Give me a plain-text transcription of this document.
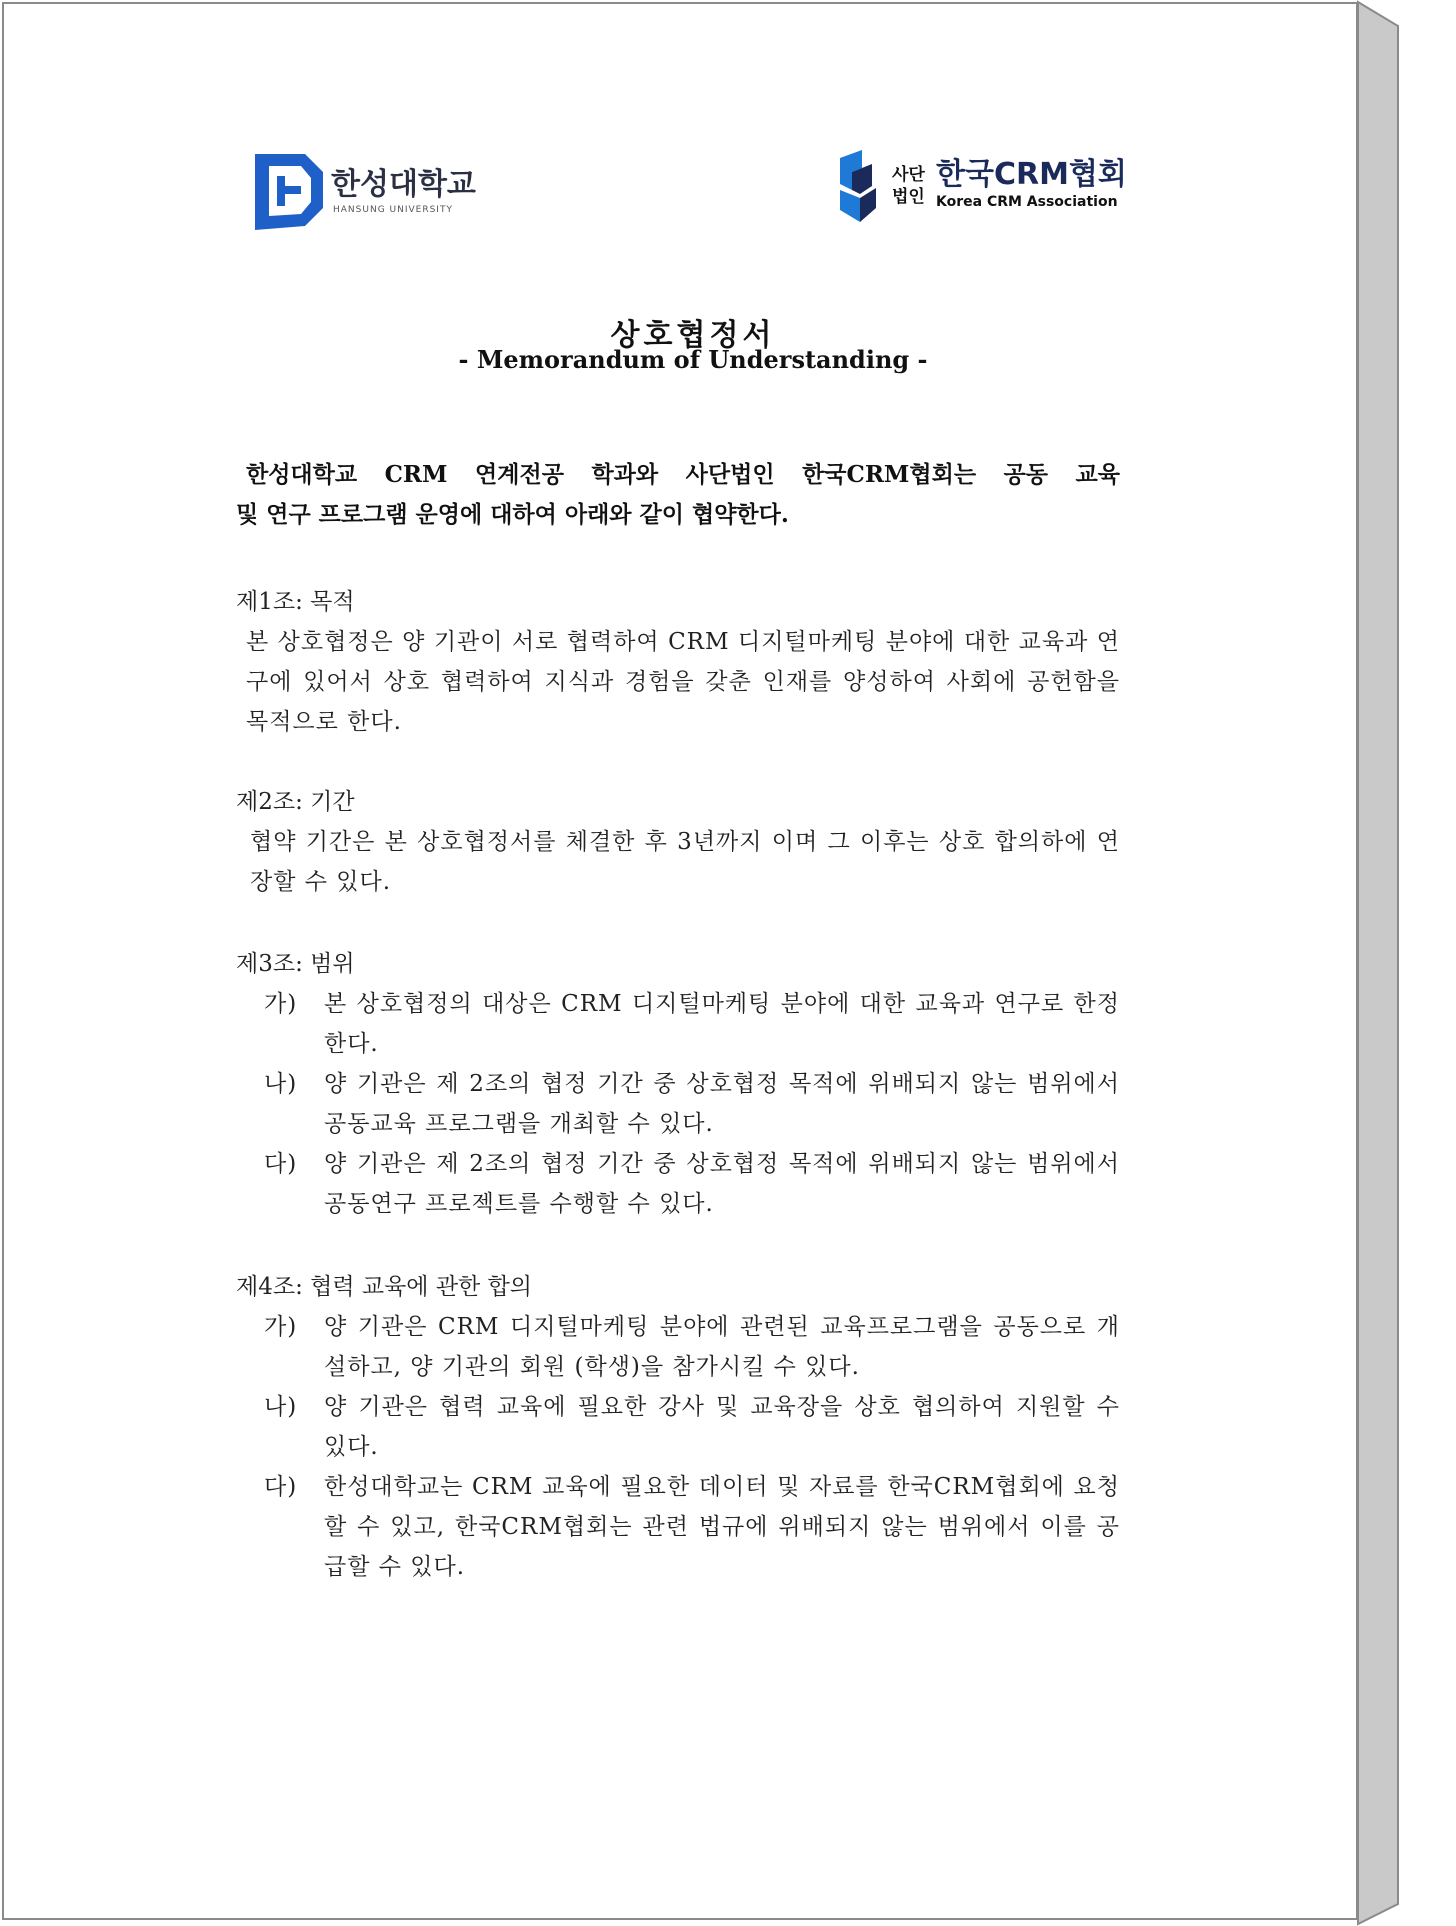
한성대학교
HANSUNG UNIVERSITY
사단
법인
한국CRM협회
Korea CRM Association
상호협정서
- Memorandum of Understanding -
한성대학교 CRM 연계전공 학과와 사단법인 한국CRM협회는 공동 교육
및 연구 프로그램 운영에 대하여 아래와 같이 협약한다.
제1조: 목적
본 상호협정은 양 기관이 서로 협력하여 CRM 디지털마케팅 분야에 대한 교육과 연구에 있어서 상호 협력하여 지식과 경험을 갖춘 인재를 양성하여 사회에 공헌함을 목적으로 한다.
제2조: 기간
협약 기간은 본 상호협정서를 체결한 후 3년까지 이며 그 이후는 상호 합의하에 연장할 수 있다.
제3조: 범위
가) 본 상호협정의 대상은 CRM 디지털마케팅 분야에 대한 교육과 연구로 한정한다.
나) 양 기관은 제 2조의 협정 기간 중 상호협정 목적에 위배되지 않는 범위에서 공동교육 프로그램을 개최할 수 있다.
다) 양 기관은 제 2조의 협정 기간 중 상호협정 목적에 위배되지 않는 범위에서 공동연구 프로젝트를 수행할 수 있다.
제4조: 협력 교육에 관한 합의
가) 양 기관은 CRM 디지털마케팅 분야에 관련된 교육프로그램을 공동으로 개설하고, 양 기관의 회원 (학생)을 참가시킬 수 있다.
나) 양 기관은 협력 교육에 필요한 강사 및 교육장을 상호 협의하여 지원할 수 있다.
다) 한성대학교는 CRM 교육에 필요한 데이터 및 자료를 한국CRM협회에 요청할 수 있고, 한국CRM협회는 관련 법규에 위배되지 않는 범위에서 이를 공급할 수 있다.
